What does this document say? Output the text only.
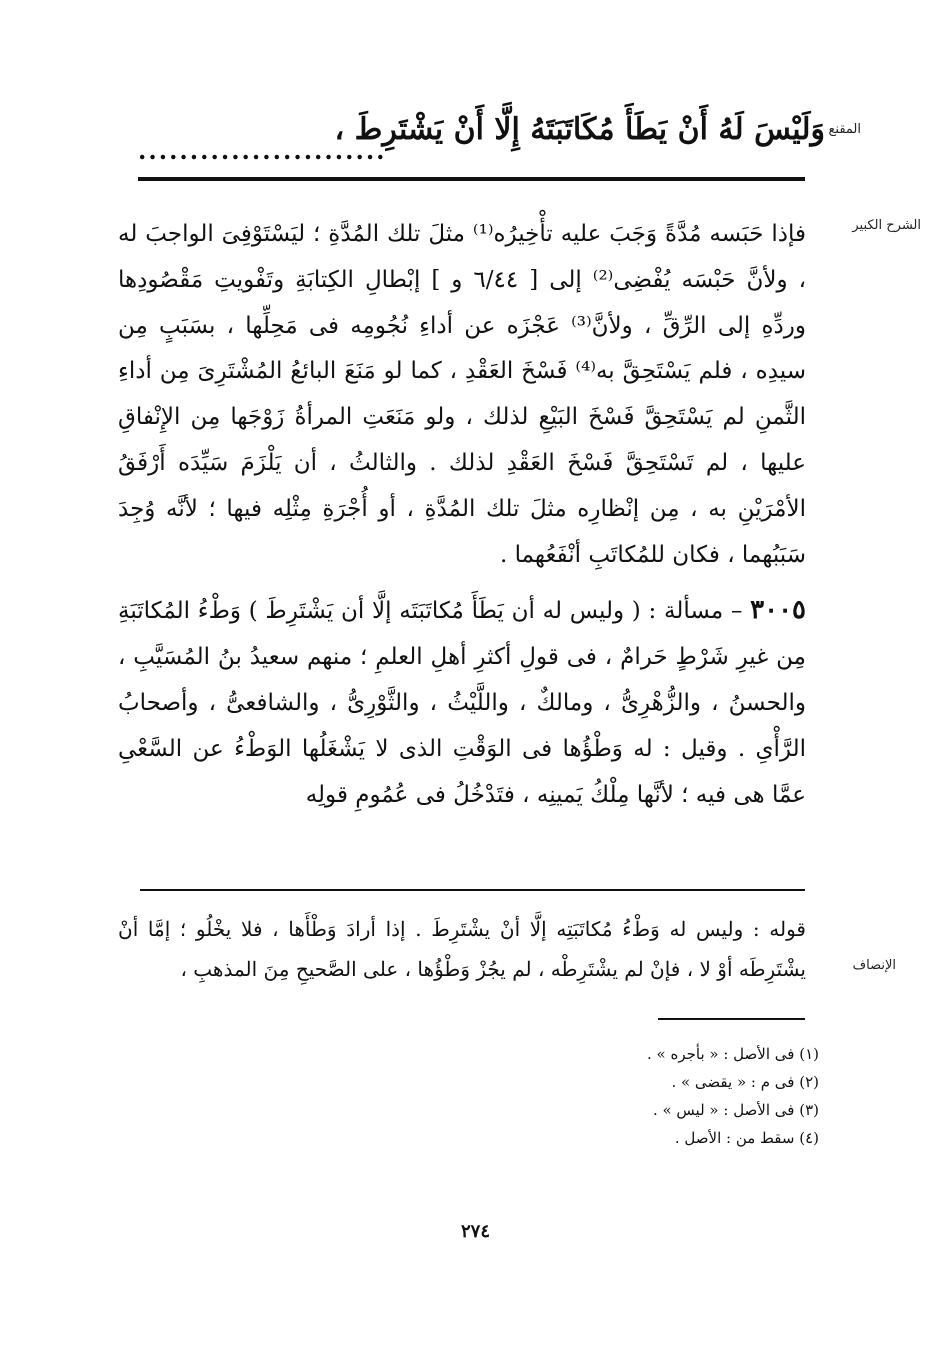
المقنع
وَلَيْسَ لَهُ أَنْ يَطَأَ مُكَاتَبَتَهُ إِلَّا أَنْ يَشْتَرِطَ ،
........................
الشرح الكبير

فإذا حَبَسه مُدَّةً وَجَبَ عليه تأْخِيرُه⁽¹⁾ مثلَ تلك المُدَّةِ ؛ ليَسْتَوْفِىَ الواجبَ له ، ولأنَّ حَبْسَه يُفْضِى⁽²⁾ إلى [ ٦/٤٤ و ] إبْطالِ الكِتابَةِ وتَفْويتِ مَقْصُودِها وردِّهِ إلى الرِّقِّ ، ولأنَّ⁽³⁾ عَجْزَه عن أداءِ نُجُومِه فى مَحِلِّها ، بسَبَبٍ مِن سيدِه ، فلم يَسْتَحِقَّ به⁽⁴⁾ فَسْخَ العَقْدِ ، كما لو مَنَعَ البائعُ المُشْتَرِىَ مِن أداءِ الثَّمنِ لم يَسْتَحِقَّ فَسْخَ البَيْعِ لذلك ، ولو مَنَعَتِ المرأةُ زَوْجَها مِن الإِنْفاقِ عليها ، لم تَسْتَحِقَّ فَسْخَ العَقْدِ لذلك . والثالثُ ، أن يَلْزَمَ سَيِّدَه أَرْفَقُ الأمْرَيْنِ به ، مِن إنْظارِه مثلَ تلك المُدَّةِ ، أو أُجْرَةِ مِثْلِه فيها ؛ لأنَّه وُجِدَ سَبَبُهما ، فكان للمُكاتَبِ أنْفَعُهما .

٣٠٠٥ – مسألة : ( وليس له أن يَطَأَ مُكاتَبَتَه إلَّا أن يَشْتَرِطَ ) وَطْءُ المُكاتَبَةِ مِن غيرِ شَرْطٍ حَرامٌ ، فى قولِ أكثرِ أهلِ العلمِ ؛ منهم سعيدُ بنُ المُسَيَّبِ ، والحسنُ ، والزُّهْرِىُّ ، ومالكٌ ، واللَّيْثُ ، والثَّوْرِىُّ ، والشافعىُّ ، وأصحابُ الرَّأْىِ . وقيل : له وَطْؤُها فى الوَقْتِ الذى لا يَشْغَلُها الوَطْءُ عن السَّعْىِ عمَّا هى فيه ؛ لأنَّها مِلْكُ يَمينِه ، فتَدْخُلُ فى عُمُومِ قولِه

الإنصاف

قوله : وليس له وَطْءُ مُكاتَبَتِه إلَّا أنْ يشْتَرِطَ . إذا أرادَ وَطْأَها ، فلا يخْلُو ؛ إمَّا أنْ يشْتَرِطَه أوْ لا ، فإنْ لم يشْتَرِطْه ، لم يجُزْ وَطْؤُها ، على الصَّحيحِ مِنَ المذهبِ ،

(١) فى الأصل : « بأجره » .
(٢) فى م : « يقضى » .
(٣) فى الأصل : « ليس » .
(٤) سقط من : الأصل .
٢٧٤
